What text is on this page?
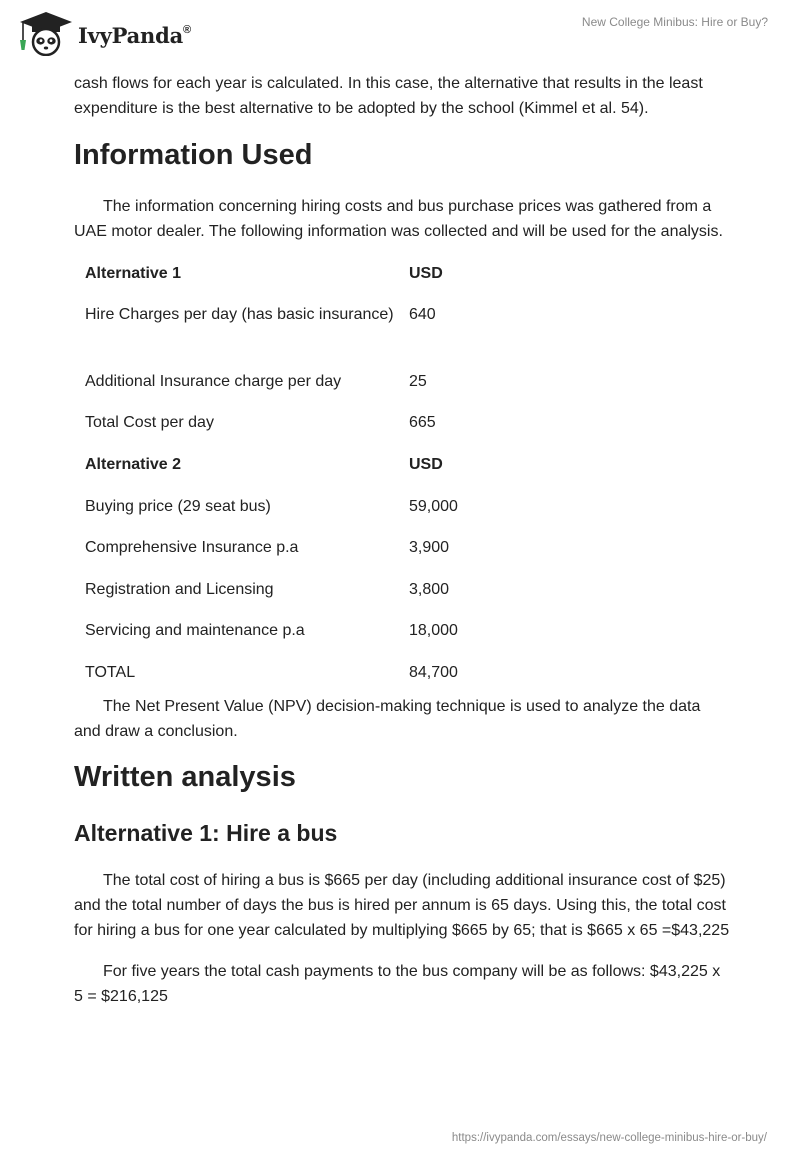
IvyPanda®
New College Minibus: Hire or Buy?

cash flows for each year is calculated. In this case, the alternative that results in the least expenditure is the best alternative to be adopted by the school (Kimmel et al. 54).

Information Used

The information concerning hiring costs and bus purchase prices was gathered from a UAE motor dealer. The following information was collected and will be used for the analysis.

Alternative 1	USD
Hire Charges per day (has basic insurance) 640
Additional Insurance charge per day	25
Total Cost per day	665
Alternative 2	USD
Buying price (29 seat bus)	59,000
Comprehensive Insurance p.a	3,900
Registration and Licensing	3,800
Servicing and maintenance p.a	18,000
TOTAL	84,700

The Net Present Value (NPV) decision-making technique is used to analyze the data and draw a conclusion.

Written analysis
Alternative 1: Hire a bus

The total cost of hiring a bus is $665 per day (including additional insurance cost of $25) and the total number of days the bus is hired per annum is 65 days. Using this, the total cost for hiring a bus for one year calculated by multiplying $665 by 65; that is $665 x 65 =$43,225

For five years the total cash payments to the bus company will be as follows: $43,225 x 5 = $216,125

https://ivypanda.com/essays/new-college-minibus-hire-or-buy/
